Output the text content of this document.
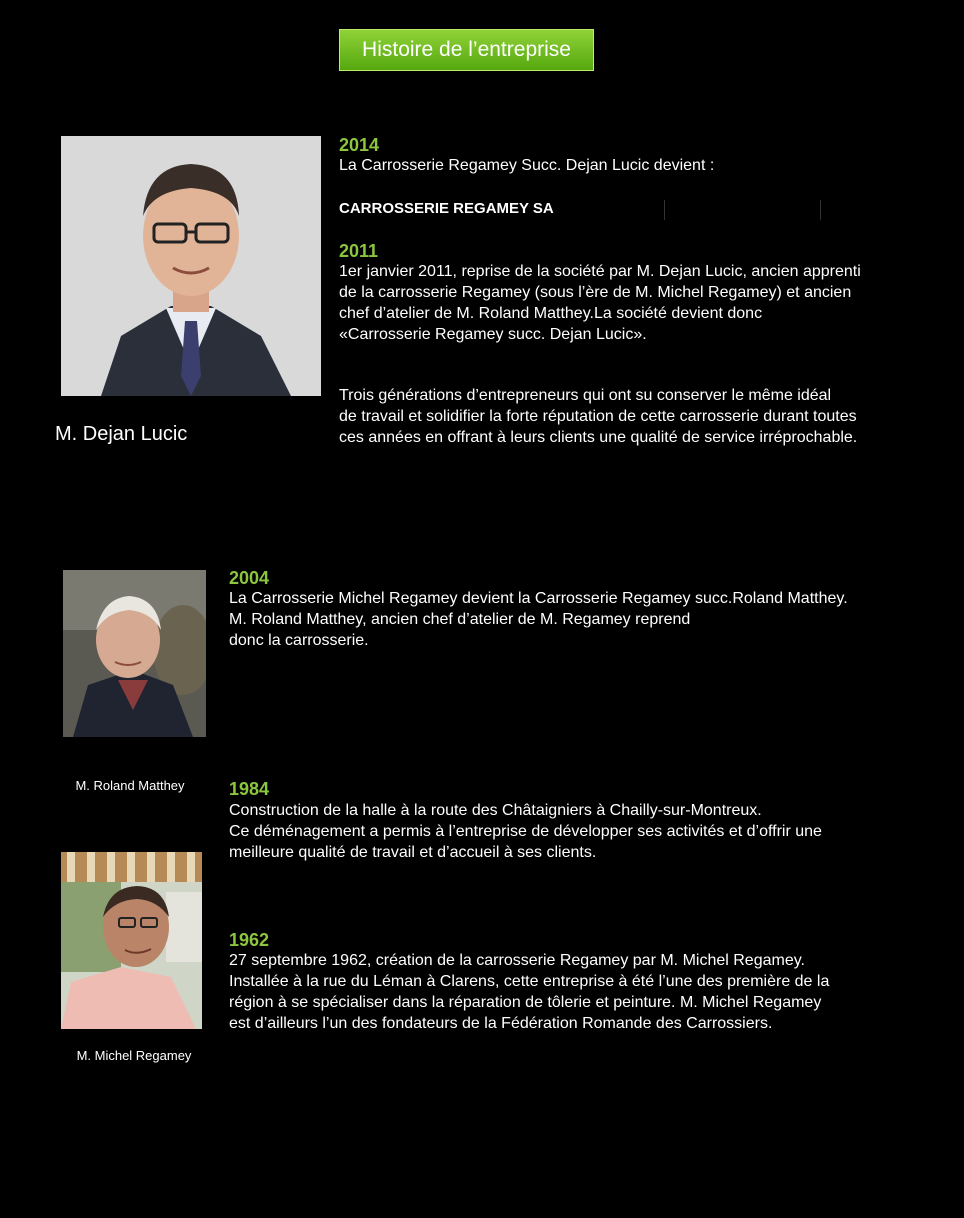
Histoire de l’entreprise
M. Dejan Lucic
2014
La Carrosserie Regamey Succ. Dejan Lucic devient :
CARROSSERIE REGAMEY SA
2011
1er janvier 2011, reprise de la société par M. Dejan Lucic, ancien apprenti
de la carrosserie Regamey (sous l’ère de M. Michel Regamey) et ancien
chef d’atelier de M. Roland Matthey.La société devient donc
«Carrosserie Regamey succ. Dejan Lucic».
Trois générations d’entrepreneurs qui ont su conserver le même idéal
de travail et solidifier la forte réputation de cette carrosserie durant toutes
ces années en offrant à leurs clients une qualité de service irréprochable.
M. Roland Matthey
2004
La Carrosserie Michel Regamey devient la Carrosserie Regamey succ.Roland Matthey.
M. Roland Matthey, ancien chef d’atelier de M. Regamey reprend
donc la carrosserie.
1984
Construction de la halle à la route des Châtaigniers à Chailly-sur-Montreux.
Ce déménagement a permis à l’entreprise de développer ses activités et d’offrir une
meilleure qualité de travail et d’accueil à ses clients.
M. Michel Regamey
1962
27 septembre 1962, création de la carrosserie Regamey par M. Michel Regamey.
Installée à la rue du Léman à Clarens, cette entreprise à été l’une des première de la
région à se spécialiser dans la réparation de tôlerie et peinture. M. Michel Regamey
est d’ailleurs l’un des fondateurs de la Fédération Romande des Carrossiers.
